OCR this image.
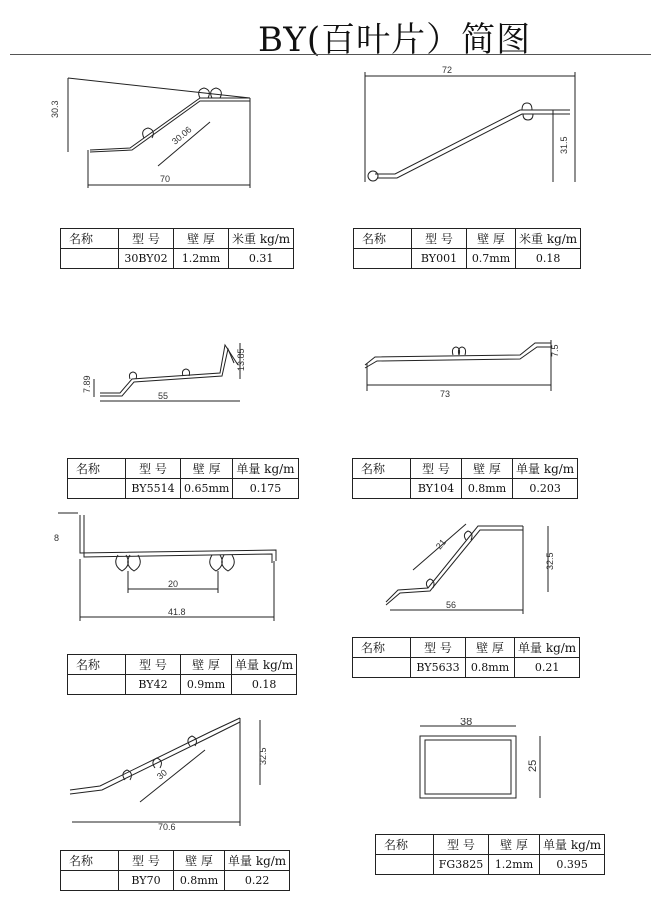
BY(百叶片）简图
30.3
30.06
70
72
31.5
7.89
13.85
55	73
7.5
8
20
41.8
21
32.5
56
30
32.5
70.6
38
25
名称	型 号	壁 厚	米重 kg/m
	30BY02	1.2mm	0.31
名称	型 号	壁 厚	米重 kg/m
	BY001	0.7mm	0.18
名称	型 号	壁 厚	单量 kg/m
	BY5514	0.65mm	0.175
名称	型 号	壁 厚	单量 kg/m
	BY104	0.8mm	0.203
名称	型 号	壁 厚	单量 kg/m
	BY42	0.9mm	0.18
名称	型 号	壁 厚	单量 kg/m
	BY5633	0.8mm	0.21
名称	型 号	壁 厚	单量 kg/m
	BY70	0.8mm	0.22
名称	型 号	壁 厚	单量 kg/m
	FG3825	1.2mm	0.395
